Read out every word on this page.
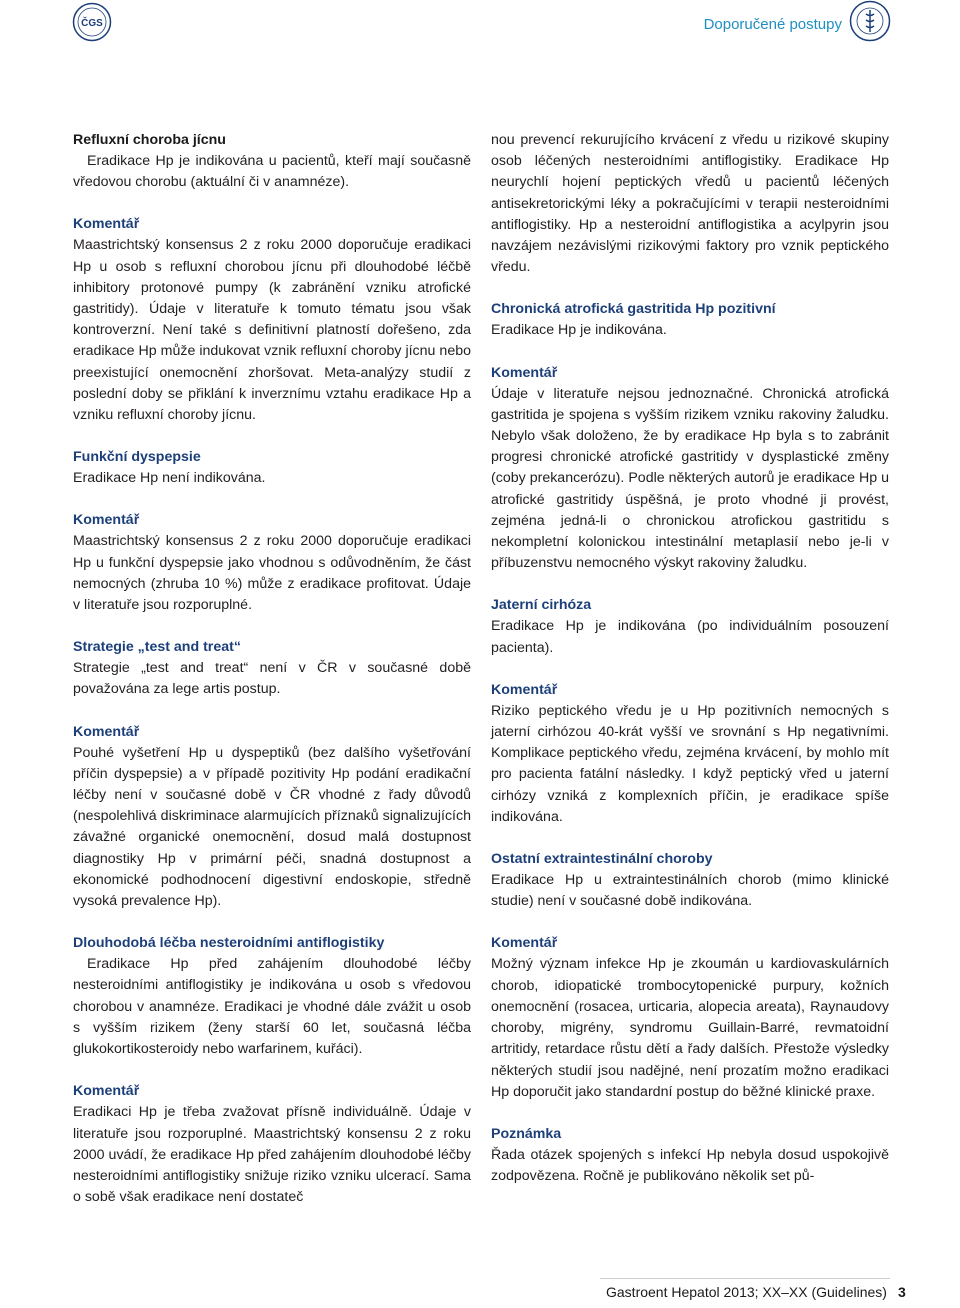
ČGS	Doporučené postupy
Refluxní choroba jícnu

Eradikace Hp je indikována u pacientů, kteří mají současně vředovou chorobu (aktuální či v anamnéze).

Komentář

Maastrichtský konsensus 2 z roku 2000 doporučuje eradikaci Hp u osob s refluxní chorobou jícnu při dlouhodobé léčbě inhibitory protonové pumpy (k zabránění vzniku atrofické gastritidy). Údaje v literatuře k tomuto tématu jsou však kontroverzní. Není také s definitivní platností dořešeno, zda eradikace Hp může indukovat vznik refluxní choroby jícnu nebo preexistující onemocnění zhoršovat. Meta‑analýzy studií z poslední doby se přiklání k inverznímu vztahu eradikace Hp a vzniku refluxní choroby jícnu.

Funkční dyspepsie

Eradikace Hp není indikována.

Komentář

Maastrichtský konsensus 2 z roku 2000 doporučuje eradikaci Hp u funkční dyspepsie jako vhodnou s odůvodněním, že část nemocných (zhruba 10 %) může z eradikace profitovat. Údaje v literatuře jsou rozporuplné.

Strategie „test and treat“

Strategie „test and treat“ není v ČR v současné době považována za lege artis postup.

Komentář

Pouhé vyšetření Hp u dyspeptiků (bez dalšího vyšetřování příčin dyspepsie) a v případě pozitivity Hp podání eradikační léčby není v současné době v ČR vhodné z řady důvodů (nespolehlivá diskriminace alarmujících příznaků signalizujících závažné organické onemocnění, dosud malá dostupnost diagnostiky Hp v primární péči, snadná dostupnost a ekonomické podhodnocení digestivní endoskopie, středně vysoká prevalence Hp).

Dlouhodobá léčba nesteroidními antiflogistiky

Eradikace Hp před zahájením dlouhodobé léčby nesteroidními antiflogistiky je indikována u osob s vředovou chorobou v anamnéze. Eradikaci je vhodné dále zvážit u osob s vyšším rizikem (ženy starší 60 let, současná léčba glukokortikosteroidy nebo warfarinem, kuřáci).

Komentář

Eradikaci Hp je třeba zvažovat přísně individuálně. Údaje v literatuře jsou rozporuplné. Maastrichtský konsensu 2 z roku 2000 uvádí, že eradikace Hp před zahájením dlouhodobé léčby nesteroidními antiflogistiky snižuje riziko vzniku ulcerací. Sama o sobě však eradikace není dostateč

nou prevencí rekurujícího krvácení z vředu u rizikové skupiny osob léčených nesteroidními antiflogistiky. Eradikace Hp neurychlí hojení peptických vředů u pacientů léčených antisekretorickými léky a pokračujícími v terapii nesteroidními antiflogistiky. Hp a nesteroidní antiflogistika a acylpyrin jsou navzájem nezávislými rizikovými faktory pro vznik peptického vředu.

Chronická atrofická gastritida Hp pozitivní

Eradikace Hp je indikována.

Komentář

Údaje v literatuře nejsou jednoznačné. Chronická atrofická gastritida je spojena s vyšším rizikem vzniku rakoviny žaludku. Nebylo však doloženo, že by eradikace Hp byla s to zabránit progresi chronické atrofické gastritidy v dysplastické změny (coby prekancerózu). Podle některých autorů je eradikace Hp u atrofické gastritidy úspěšná, je proto vhodné ji provést, zejména jedná-li o chronickou atrofickou gastritidu s nekompletní kolonickou intestinální metaplasií nebo je-li v příbuzenstvu nemocného výskyt rakoviny žaludku.

Jaterní cirhóza

Eradikace Hp je indikována (po individuálním posouzení pacienta).

Komentář

Riziko peptického vředu je u Hp pozitivních nemocných s jaterní cirhózou 40-krát vyšší ve srovnání s Hp negativními. Komplikace peptického vředu, zejména krvácení, by mohlo mít pro pacienta fatální následky. I když peptický vřed u jaterní cirhózy vzniká z komplexních příčin, je eradikace spíše indikována.

Ostatní extraintestinální choroby

Eradikace Hp u extraintestinálních chorob (mimo klinické studie) není v současné době indikována.

Komentář

Možný význam infekce Hp je zkoumán u kardiovaskulárních chorob, idiopatické trombocytopenické purpury, kožních onemocnění (rosacea, urticaria, alopecia areata), Raynaudovy choroby, migrény, syndromu Guillain-Barré, revmatoidní artritidy, retardace růstu dětí a řady dalších. Přestože výsledky některých studií jsou nadějné, není prozatím možno eradikaci Hp doporučit jako standardní postup do běžné klinické praxe.

Poznámka

Řada otázek spojených s infekcí Hp nebyla dosud uspokojivě zodpovězena. Ročně je publikováno několik set pů-

Gastroent Hepatol 2013; XX–XX (Guidelines) 3
